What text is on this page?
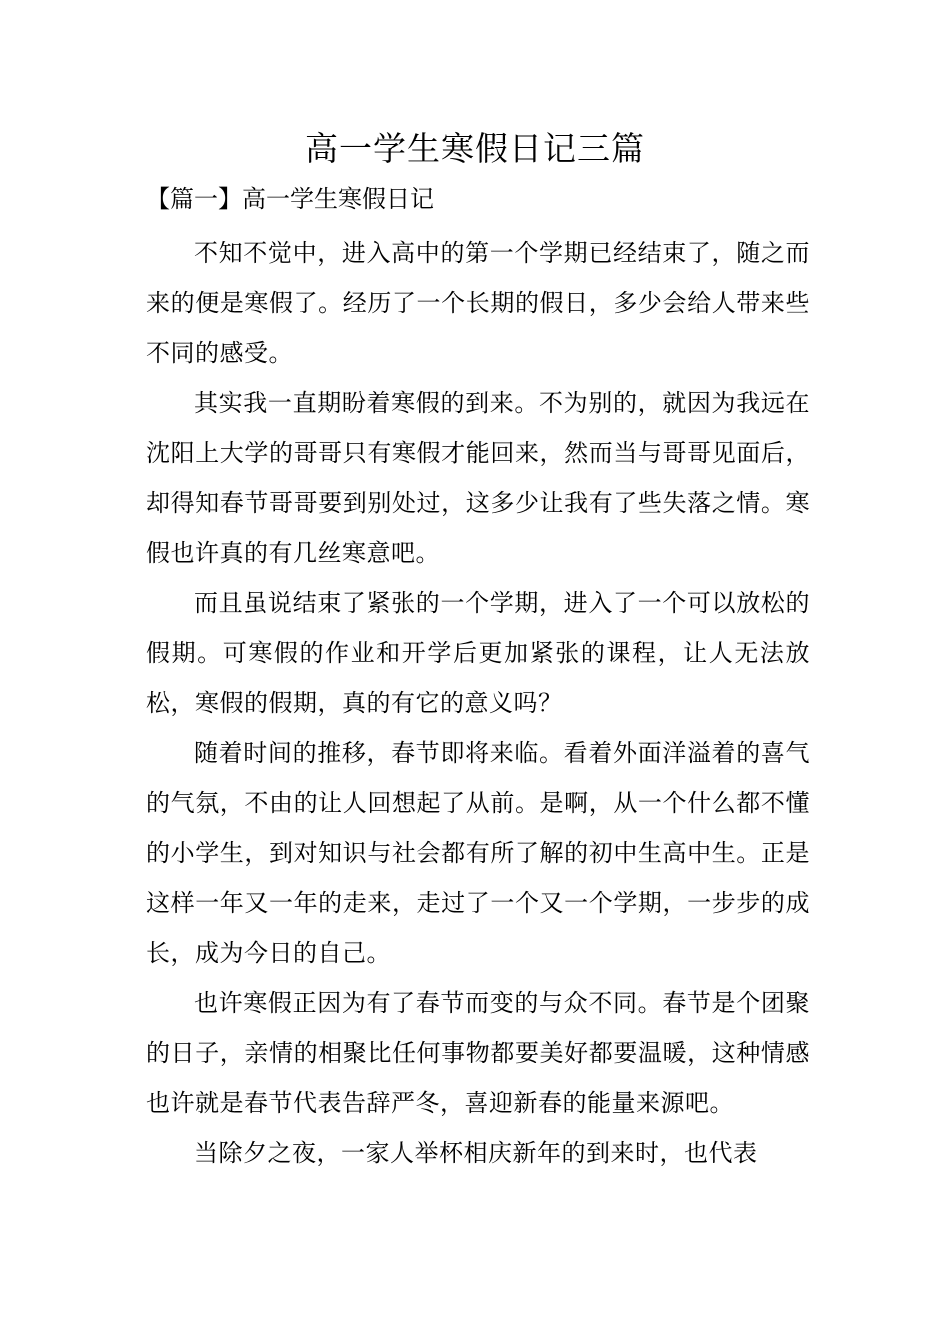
高一学生寒假日记三篇
【篇一】高一学生寒假日记

不知不觉中，进入高中的第一个学期已经结束了，随之而来的便是寒假了。经历了一个长期的假日，多少会给人带来些不同的感受。

其实我一直期盼着寒假的到来。不为别的，就因为我远在沈阳上大学的哥哥只有寒假才能回来，然而当与哥哥见面后，却得知春节哥哥要到别处过，这多少让我有了些失落之情。寒假也许真的有几丝寒意吧。

而且虽说结束了紧张的一个学期，进入了一个可以放松的假期。可寒假的作业和开学后更加紧张的课程，让人无法放松，寒假的假期，真的有它的意义吗？

随着时间的推移，春节即将来临。看着外面洋溢着的喜气的气氛，不由的让人回想起了从前。是啊，从一个什么都不懂的小学生，到对知识与社会都有所了解的初中生高中生。正是这样一年又一年的走来，走过了一个又一个学期，一步步的成长，成为今日的自己。

也许寒假正因为有了春节而变的与众不同。春节是个团聚的日子，亲情的相聚比任何事物都要美好都要温暖，这种情感也许就是春节代表告辞严冬，喜迎新春的能量来源吧。

当除夕之夜，一家人举杯相庆新年的到来时，也代表
